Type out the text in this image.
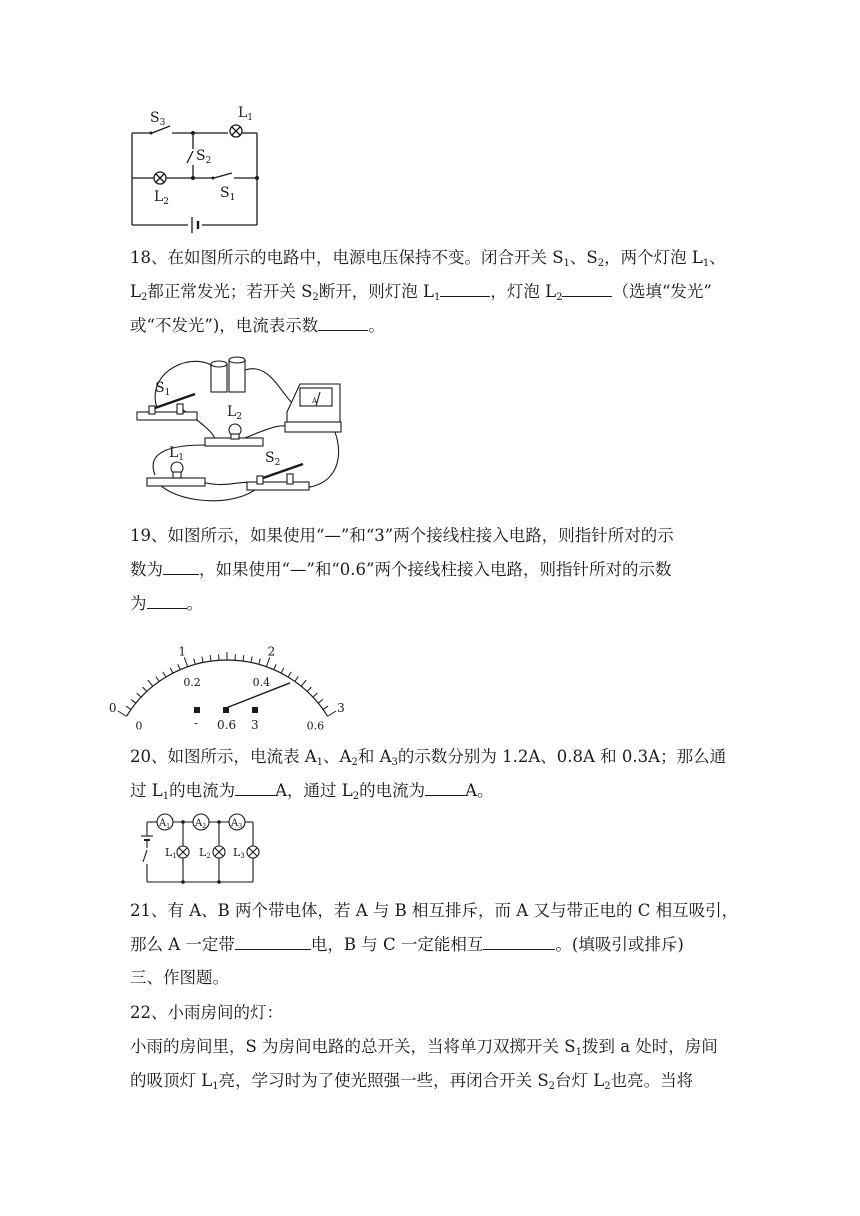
$S_3$
$L_1$
$S_2$
$L_2$
$S_1$
18、在如图所示的电路中，电源电压保持不变。闭合开关 $S_1$、$S_2$，两个灯泡 $L_1$、
$L_2$都正常发光；若开关 $S_2$断开，则灯泡 $L_1$	，灯泡 $L_2$	（选填“发光”
或“不发光”)，电流表示数	。
$S_1$
$L_2$
$L_1$	$S_2$
A
19、如图所示，如果使用“—”和“3”两个接线柱接入电路，则指针所对的示
数为 ，如果使用“—”和“0.6”两个接线柱接入电路，则指针所对的示数
为 。
0
1	2
3
0
0.2	0.4
0.6
- 0.6 3
20、如图所示，电流表 $A_1$、$A_2$和 $A_3$的示数分别为 1.2A、0.8A 和 0.3A；那么通
过 $L_1$的电流为 A，通过 $L_2$的电流为 A。
$A_1$ $A_2$ $A_3$
L1 L2 L3
21、有 A、B 两个带电体，若 A 与 B 相互排斥，而 A 又与带正电的 C 相互吸引，
那么 A 一定带	电，B 与 C 一定能相互	。(填吸引或排斥)
三、作图题。
22、小雨房间的灯：
小雨的房间里，S 为房间电路的总开关，当将单刀双掷开关 $S_1$拨到 a 处时，房间
的吸顶灯 $L_1$亮，学习时为了使光照强一些，再闭合开关 $S_2$台灯 $L_2$也亮。当将
